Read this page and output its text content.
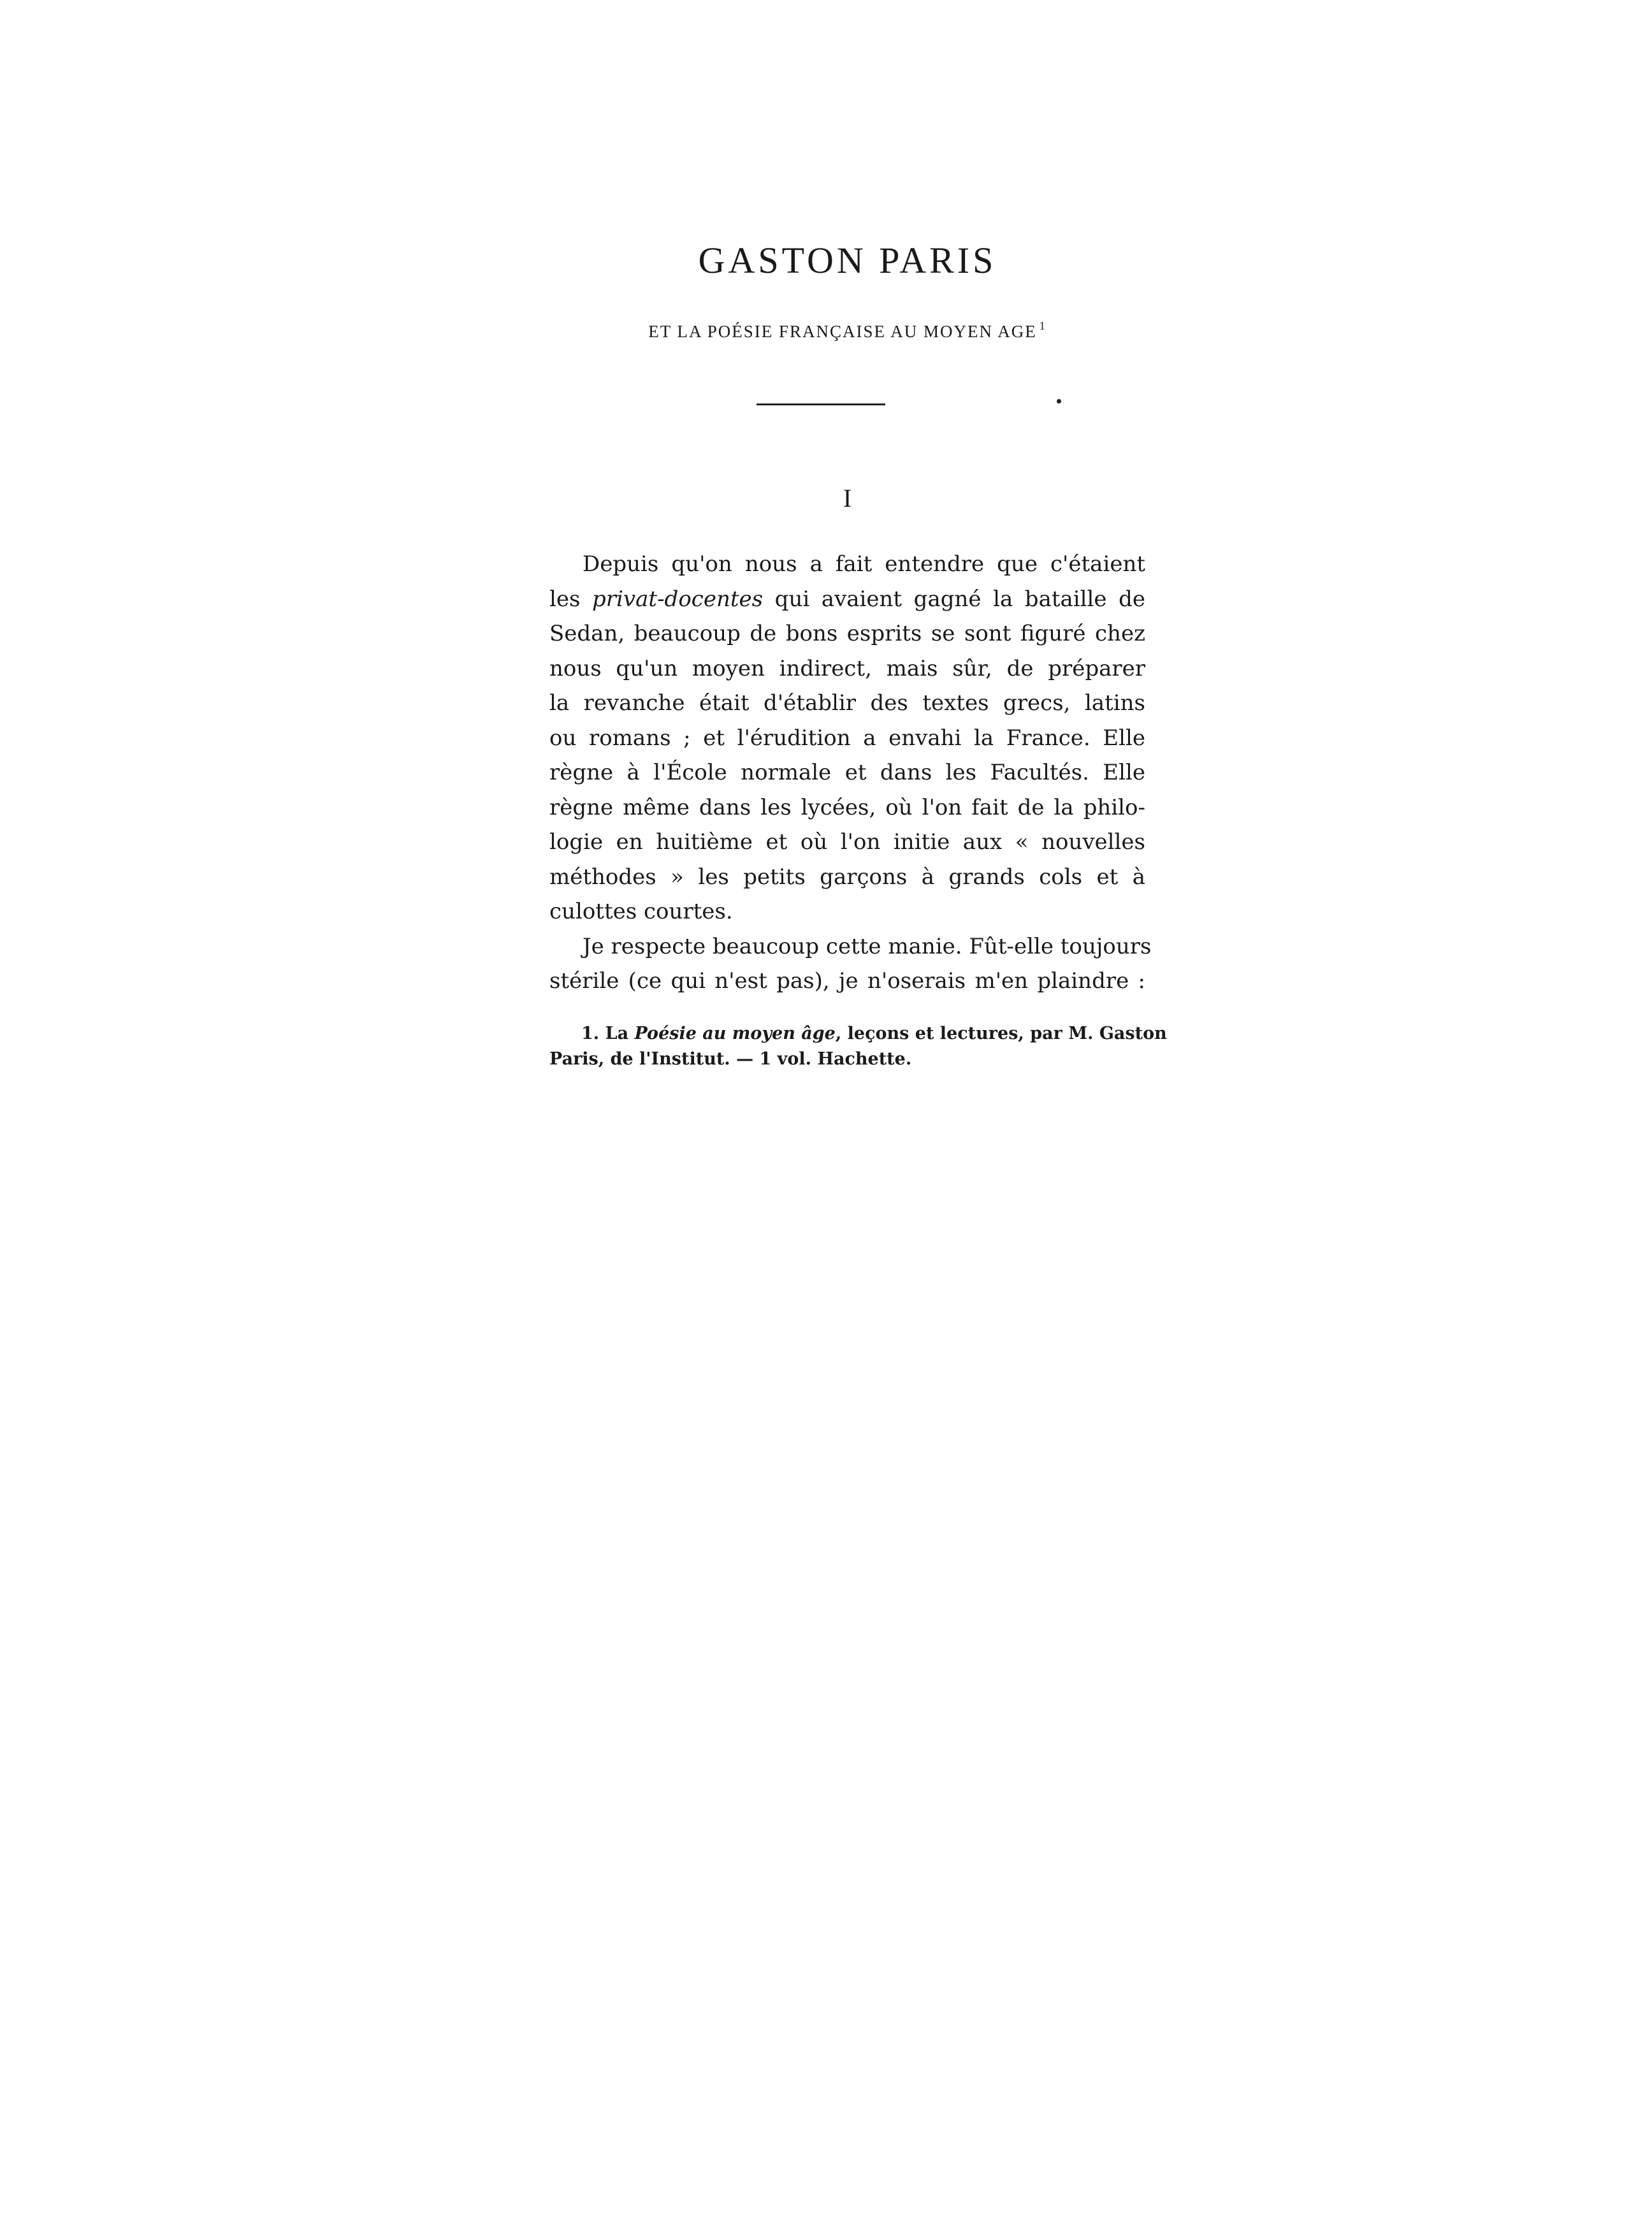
GASTON PARIS

ET LA POÉSIE FRANÇAISE AU MOYEN AGE $^1$

I

Depuis qu'on nous a fait entendre que c'étaient
les privat-docentes qui avaient gagné la bataille de
Sedan, beaucoup de bons esprits se sont figuré chez
nous qu'un moyen indirect, mais sûr, de préparer
la revanche était d'établir des textes grecs, latins
ou romans ; et l'érudition a envahi la France. Elle
règne à l'École normale et dans les Facultés. Elle
règne même dans les lycées, où l'on fait de la philo-
logie en huitième et où l'on initie aux « nouvelles
méthodes » les petits garçons à grands cols et à
culottes courtes.
Je respecte beaucoup cette manie. Fût-elle toujours
stérile (ce qui n'est pas), je n'oserais m'en plaindre :
1. La Poésie au moyen âge, leçons et lectures, par M. Gaston
Paris, de l'Institut. — 1 vol. Hachette.
